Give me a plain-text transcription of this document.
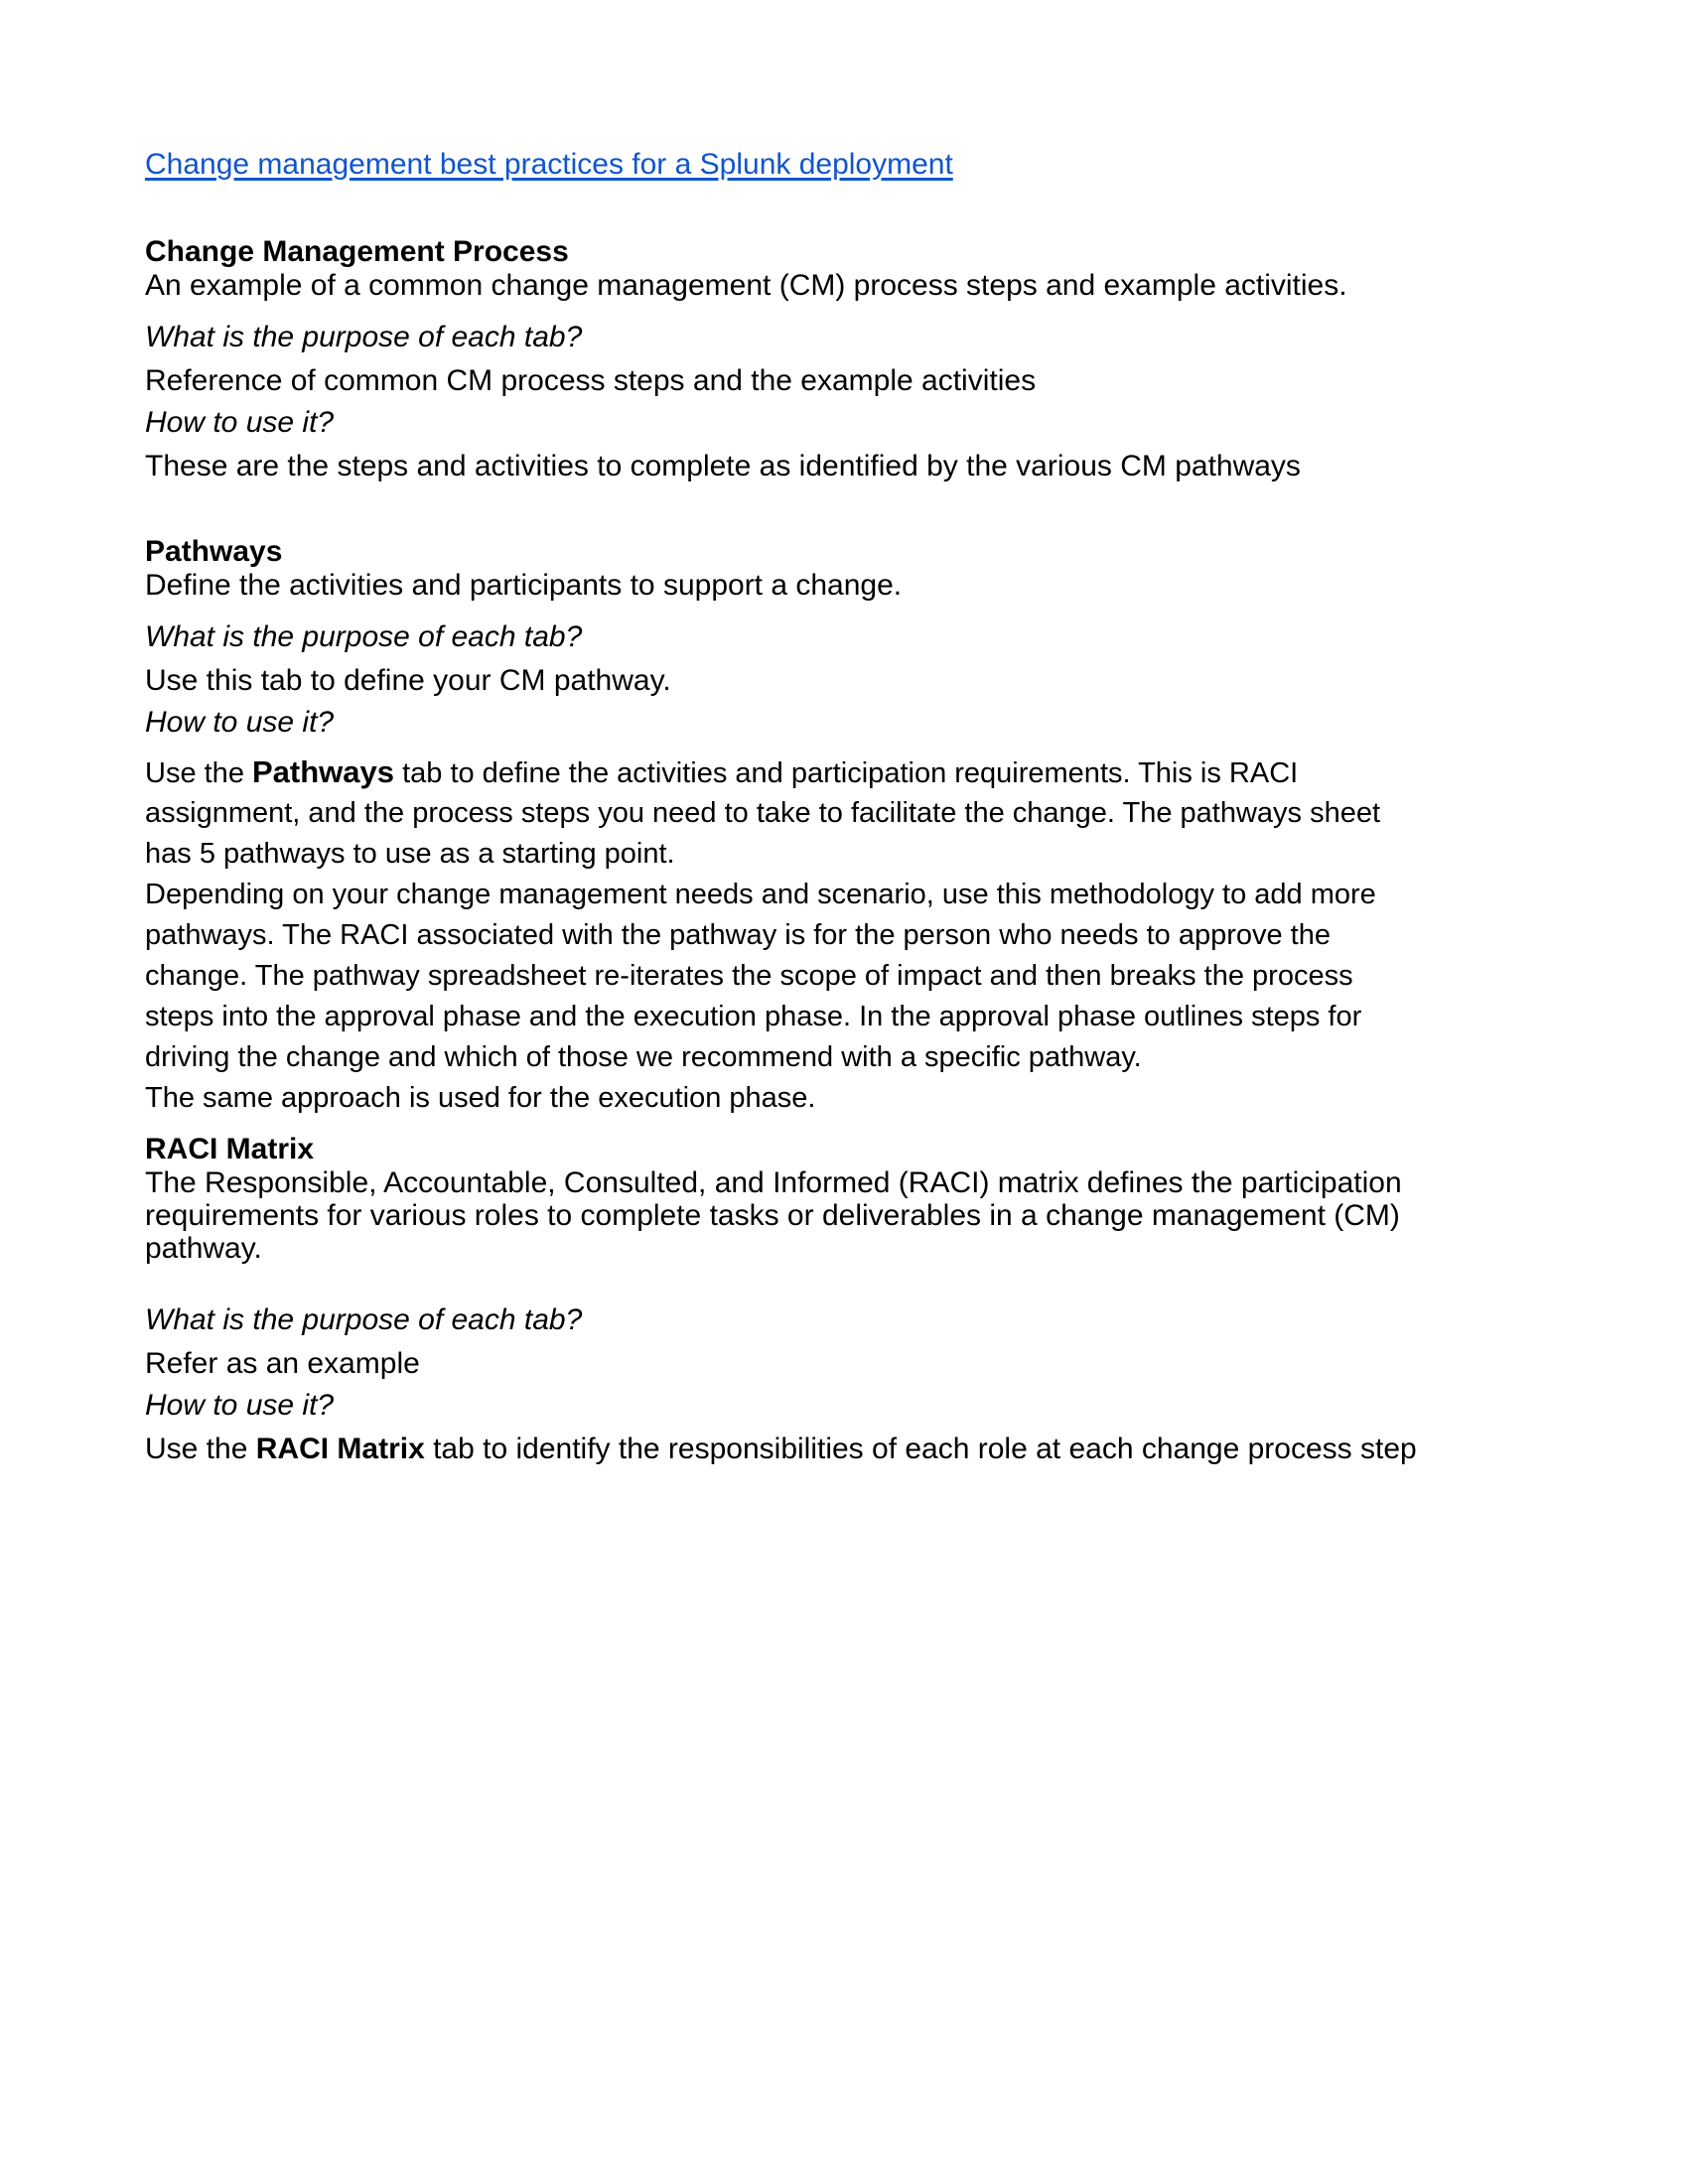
Change management best practices for a Splunk deployment
Change Management Process
An example of a common change management (CM) process steps and example activities.
What is the purpose of each tab?
Reference of common CM process steps and the example activities
How to use it?
These are the steps and activities to complete as identified by the various CM pathways
Pathways
Define the activities and participants to support a change.
What is the purpose of each tab?
Use this tab to define your CM pathway.
How to use it?
Use the Pathways tab to define the activities and participation requirements. This is RACI
assignment, and the process steps you need to take to facilitate the change. The pathways sheet
has 5 pathways to use as a starting point.
Depending on your change management needs and scenario, use this methodology to add more
pathways. The RACI associated with the pathway is for the person who needs to approve the
change. The pathway spreadsheet re-iterates the scope of impact and then breaks the process
steps into the approval phase and the execution phase. In the approval phase outlines steps for
driving the change and which of those we recommend with a specific pathway.
The same approach is used for the execution phase.
RACI Matrix
The Responsible, Accountable, Consulted, and Informed (RACI) matrix defines the participation
requirements for various roles to complete tasks or deliverables in a change management (CM)
pathway.
What is the purpose of each tab?
Refer as an example
How to use it?
Use the RACI Matrix tab to identify the responsibilities of each role at each change process step
